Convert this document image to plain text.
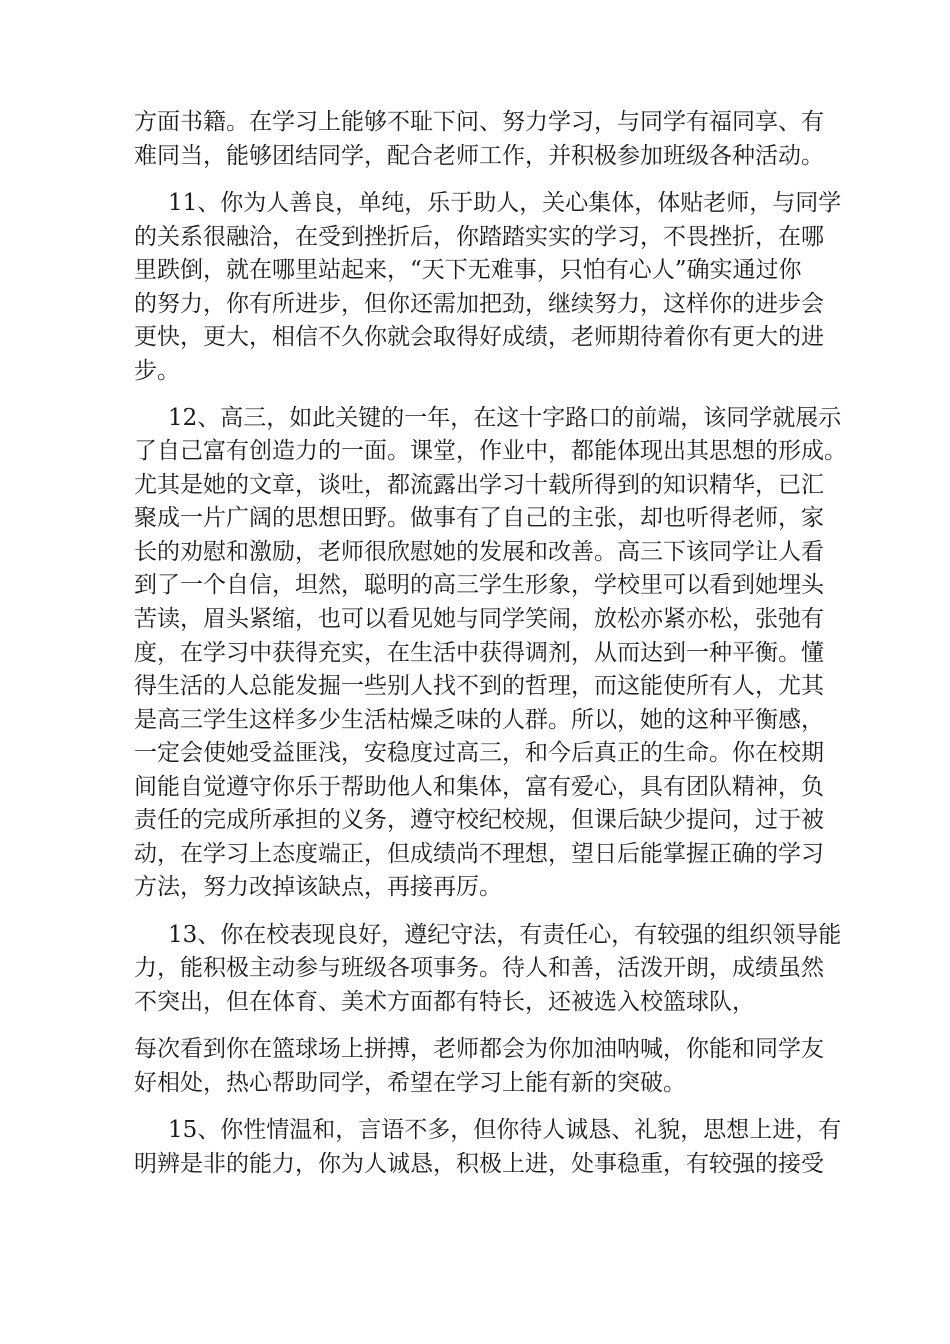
方面书籍。在学习上能够不耻下问、努力学习，与同学有福同享、有
难同当，能够团结同学，配合老师工作，并积极参加班级各种活动。
11、你为人善良，单纯，乐于助人，关心集体，体贴老师，与同学
的关系很融洽，在受到挫折后，你踏踏实实的学习，不畏挫折，在哪
里跌倒，就在哪里站起来，“天下无难事，只怕有心人”确实通过你
的努力，你有所进步，但你还需加把劲，继续努力，这样你的进步会
更快，更大，相信不久你就会取得好成绩，老师期待着你有更大的进
步。
12、高三，如此关键的一年，在这十字路口的前端，该同学就展示
了自己富有创造力的一面。课堂，作业中，都能体现出其思想的形成。
尤其是她的文章，谈吐，都流露出学习十载所得到的知识精华，已汇
聚成一片广阔的思想田野。做事有了自己的主张，却也听得老师，家
长的劝慰和激励，老师很欣慰她的发展和改善。高三下该同学让人看
到了一个自信，坦然，聪明的高三学生形象，学校里可以看到她埋头
苦读，眉头紧缩，也可以看见她与同学笑闹，放松亦紧亦松，张弛有
度，在学习中获得充实，在生活中获得调剂，从而达到一种平衡。懂
得生活的人总能发掘一些别人找不到的哲理，而这能使所有人，尤其
是高三学生这样多少生活枯燥乏味的人群。所以，她的这种平衡感，
一定会使她受益匪浅，安稳度过高三，和今后真正的生命。你在校期
间能自觉遵守你乐于帮助他人和集体，富有爱心，具有团队精神，负
责任的完成所承担的义务，遵守校纪校规，但课后缺少提问，过于被
动，在学习上态度端正，但成绩尚不理想，望日后能掌握正确的学习
方法，努力改掉该缺点，再接再厉。
13、你在校表现良好，遵纪守法，有责任心，有较强的组织领导能
力，能积极主动参与班级各项事务。待人和善，活泼开朗，成绩虽然
不突出，但在体育、美术方面都有特长，还被选入校篮球队，
每次看到你在篮球场上拼搏，老师都会为你加油呐喊，你能和同学友
好相处，热心帮助同学，希望在学习上能有新的突破。
15、你性情温和，言语不多，但你待人诚恳、礼貌，思想上进，有
明辨是非的能力，你为人诚恳，积极上进，处事稳重，有较强的接受
